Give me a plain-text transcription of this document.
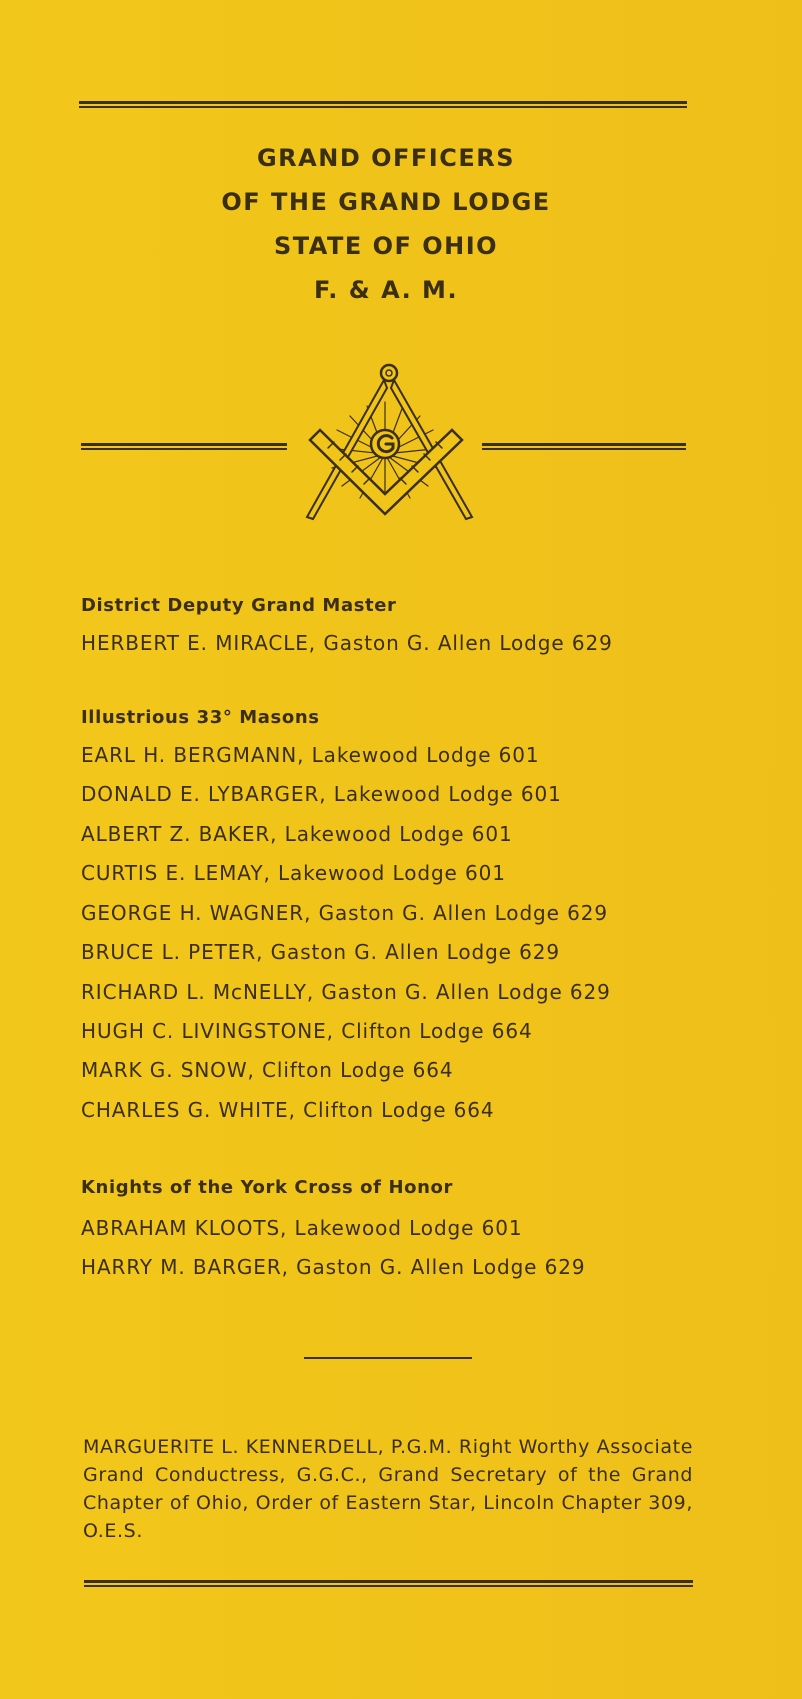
GRAND OFFICERS
OF THE GRAND LODGE
STATE OF OHIO
F. & A. M.
District Deputy Grand Master
HERBERT E. MIRACLE, Gaston G. Allen Lodge 629
Illustrious 33° Masons
EARL H. BERGMANN, Lakewood Lodge 601
DONALD E. LYBARGER, Lakewood Lodge 601
ALBERT Z. BAKER, Lakewood Lodge 601
CURTIS E. LEMAY, Lakewood Lodge 601
GEORGE H. WAGNER, Gaston G. Allen Lodge 629
BRUCE L. PETER, Gaston G. Allen Lodge 629
RICHARD L. McNELLY, Gaston G. Allen Lodge 629
HUGH C. LIVINGSTONE, Clifton Lodge 664
MARK G. SNOW, Clifton Lodge 664
CHARLES G. WHITE, Clifton Lodge 664
Knights of the York Cross of Honor
ABRAHAM KLOOTS, Lakewood Lodge 601
HARRY M. BARGER, Gaston G. Allen Lodge 629
MARGUERITE L. KENNERDELL, P.G.M. Right Worthy Associate Grand Conductress, G.G.C., Grand Secretary of the Grand Chapter of Ohio, Order of Eastern Star, Lincoln Chapter 309, O.E.S.
